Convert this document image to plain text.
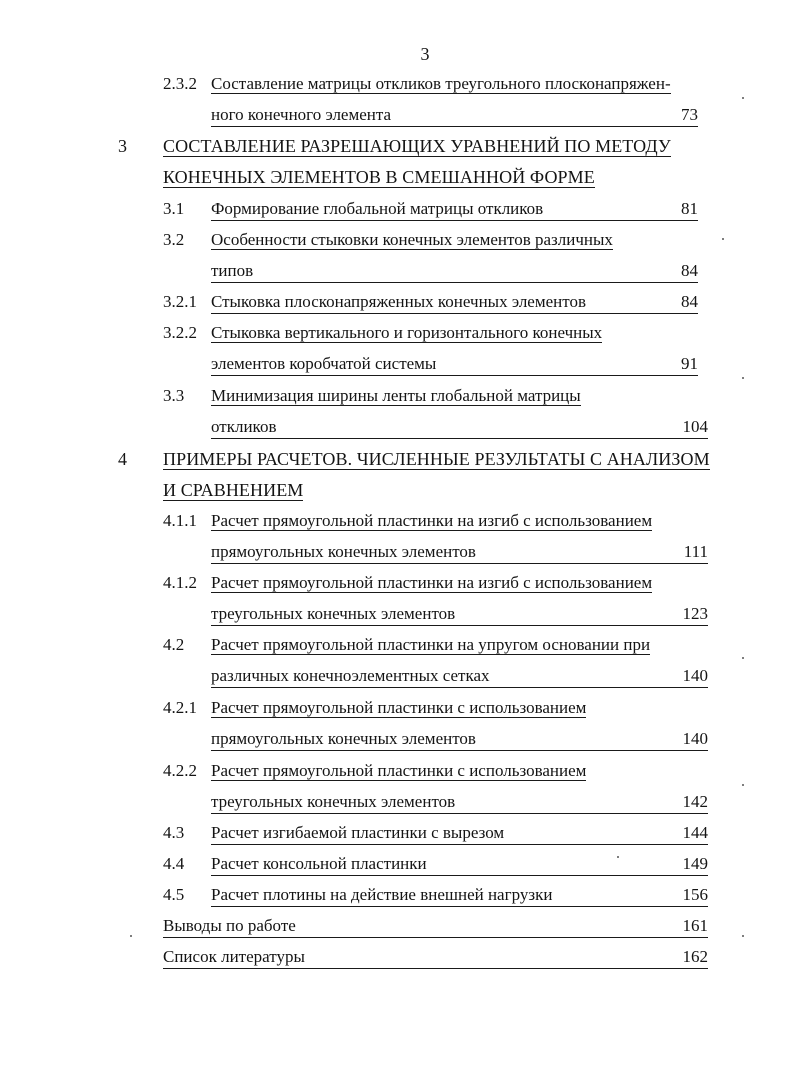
3
2.3.2 Составление матрицы откликов треугольного плосконапряжен-
ного конечного элемента	73
3 СОСТАВЛЕНИЕ РАЗРЕШАЮЩИХ УРАВНЕНИЙ ПО МЕТОДУ
КОНЕЧНЫХ ЭЛЕМЕНТОВ В СМЕШАННОЙ ФОРМЕ
3.1 Формирование глобальной матрицы откликов	81
3.2 Особенности стыковки конечных элементов различных
типов	84
3.2.1 Стыковка плосконапряженных конечных элементов	84
3.2.2 Стыковка вертикального и горизонтального конечных
элементов коробчатой системы	91
3.3 Минимизация ширины ленты глобальной матрицы
откликов	104
4 ПРИМЕРЫ РАСЧЕТОВ. ЧИСЛЕННЫЕ РЕЗУЛЬТАТЫ С АНАЛИЗОМ
И СРАВНЕНИЕМ
4.1.1 Расчет прямоугольной пластинки на изгиб с использованием
прямоугольных конечных элементов	111
4.1.2 Расчет прямоугольной пластинки на изгиб с использованием
треугольных конечных элементов	123
4.2 Расчет прямоугольной пластинки на упругом основании при
различных конечноэлементных сетках	140
4.2.1 Расчет прямоугольной пластинки с использованием
прямоугольных конечных элементов	140
4.2.2 Расчет прямоугольной пластинки с использованием
треугольных конечных элементов	142
4.3 Расчет изгибаемой пластинки с вырезом	144
4.4 Расчет консольной пластинки	149
4.5 Расчет плотины на действие внешней нагрузки	156
Выводы по работе	161
Список литературы	162
